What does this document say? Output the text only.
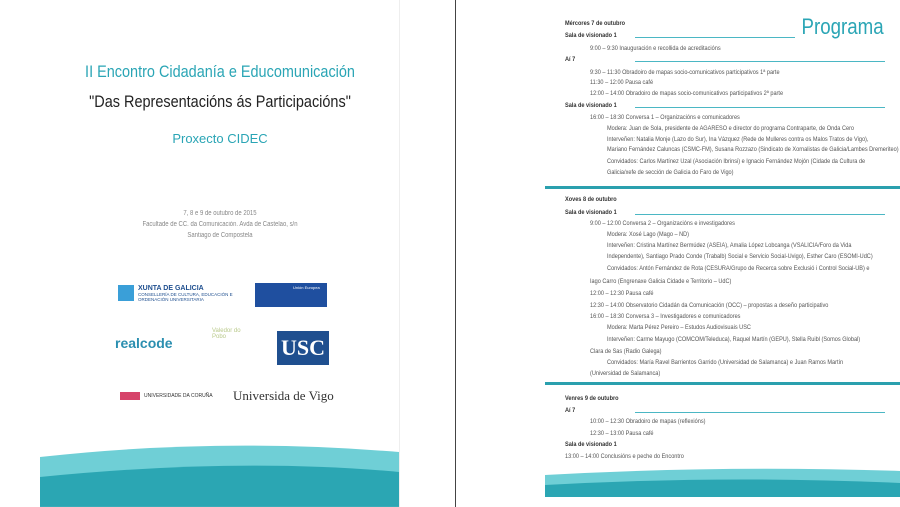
II Encontro Cidadanía e Educomunicación
"Das Representacións ás Participacións"
Proxecto CIDEC
7, 8 e 9 de outubro de 2015
Facultade de CC. da Comunicación. Avda de Castelao, s/n
Santiago de Compostela
XUNTA DE GALICIA
CONSELLERÍA DE CULTURA, EDUCACIÓN E ORDENACIÓN UNIVERSITARIA
Unión Europea
realcode
Valedor do Pobo	USC
UNIVERSIDADE DA CORUÑA Universida de Vigo
Programa
Mércores 7 de outubro
Sala de visionado 1
9:00 – 9:30 Inauguración e recollida de acreditacións
Aí 7
9:30 – 11:30 Obradoiro de mapas socio-comunicativos participativos 1ª parte
11:30 – 12:00 Pausa café
12:00 – 14:00 Obradoiro de mapas socio-comunicativos participativos 2ª parte
Sala de visionado 1
16:00 – 18:30 Conversa 1 – Organizacións e comunicadores
Modera: Juan de Sola, presidente de AGARESO e director do programa Contraparte, de Onda Cero
Interveñen: Natalia Monje (Lazo do Sur), Ina Vázquez (Rede de Mulleres contra os Malos Tratos de Vigo),
Mariano Fernández Caluncas (CSMC-FM), Susana Rozzazo (Sindicato de Xornalistas de Galicia/Lambes Dremeriteo)
Convidados: Carlos Martínez Uzal (Asociación Ibrinsi) e Ignacio Fernández Mojón (Cidade da Cultura de
Galicia/xefe de sección de Galicia do Faro de Vigo)
Xoves 8 de outubro
Sala de visionado 1
9:00 – 12:00 Conversa 2 – Organizacións e investigadores
Modera: Xosé Lago (Mago – ND)
Interveñen: Cristina Martínez Bermúdez (ASEIA), Amalia López Lobcanga (VSALICIA/Foro da Vida
Independente), Santiago Prado Conde (Trabalb) Social e Servicio Social-Uvigo), Esther Caro (ESOMI-UdC)
Convidados: Antón Fernández de Rota (CESURA/Grupo de Recerca sobre Exclusió i Control Social-UB) e
Iago Carro (Engrenaxe Galicia Cidade e Territorio – UdC)
12:00 – 12:30 Pausa café
12:30 – 14:00 Observatorio Cidadán da Comunicación (OCC) – propostas a deseño participativo
16:00 – 18:30 Conversa 3 – Investigadores e comunicadores
Modera: Marta Pérez Pereiro – Estudos Audiovisuais USC
Interveñen: Carme Mayugo (COMCOM/Teleduca), Raquel Martín (GEPU), Stella Ruibl (Somos Global)
Clara de Sas (Radio Galega)
Convidados: María Ravel Barrientos Garrido (Universidad de Salamanca) e Juan Ramos Martín
(Universidad de Salamanca)
Venres 9 de outubro
Aí 7
10:00 – 12:30 Obradoiro de mapas (reflexións)
12:30 – 13:00 Pausa café
Sala de visionado 1
13:00 – 14:00 Conclusións e peche do Encontro
